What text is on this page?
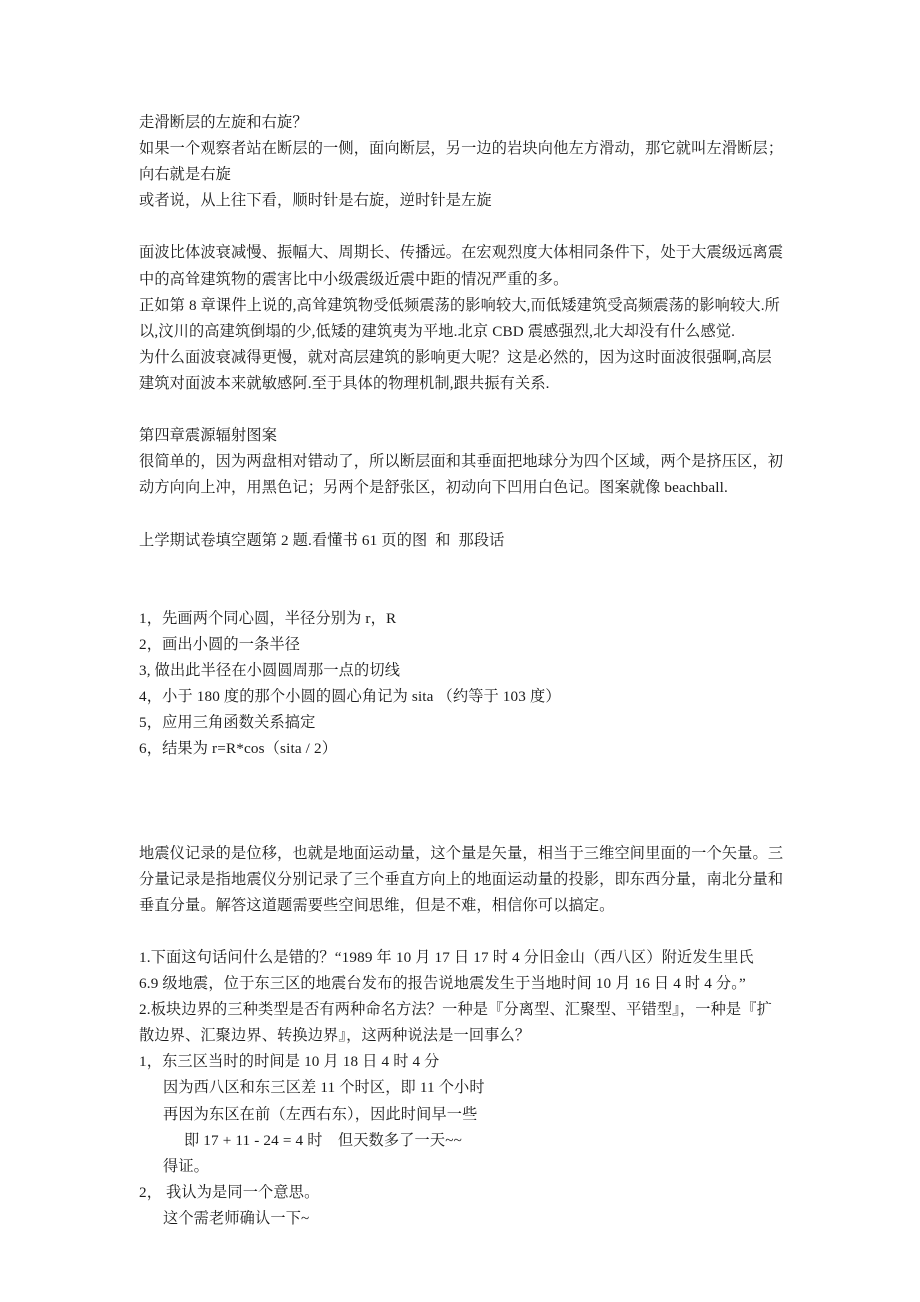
走滑断层的左旋和右旋？
如果一个观察者站在断层的一侧，面向断层，另一边的岩块向他左方滑动，那它就叫左滑断层；向右就是右旋
或者说，从上往下看，顺时针是右旋，逆时针是左旋
面波比体波衰减慢、振幅大、周期长、传播远。在宏观烈度大体相同条件下，处于大震级远离震中的高耸建筑物的震害比中小级震级近震中距的情况严重的多。
正如第 8 章课件上说的,高耸建筑物受低频震荡的影响较大,而低矮建筑受高频震荡的影响较大.所以,汶川的高建筑倒塌的少,低矮的建筑夷为平地.北京 CBD 震感强烈,北大却没有什么感觉.
为什么面波衰减得更慢，就对高层建筑的影响更大呢？这是必然的，因为这时面波很强啊,高层建筑对面波本来就敏感阿.至于具体的物理机制,跟共振有关系.
第四章震源辐射图案
很简单的，因为两盘相对错动了，所以断层面和其垂面把地球分为四个区域，两个是挤压区，初动方向向上冲，用黑色记；另两个是舒张区，初动向下凹用白色记。图案就像 beachball.
上学期试卷填空题第 2 题.看懂书 61 页的图  和  那段话
1，先画两个同心圆，半径分别为 r，R
2，画出小圆的一条半径
3, 做出此半径在小圆圆周那一点的切线
4，小于 180 度的那个小圆的圆心角记为 sita （约等于 103 度）
5，应用三角函数关系搞定
6，结果为 r=R*cos（sita / 2）
地震仪记录的是位移，也就是地面运动量，这个量是矢量，相当于三维空间里面的一个矢量。三分量记录是指地震仪分别记录了三个垂直方向上的地面运动量的投影，即东西分量，南北分量和垂直分量。解答这道题需要些空间思维，但是不难，相信你可以搞定。
1.下面这句话问什么是错的？“1989 年 10 月 17 日 17 时 4 分旧金山（西八区）附近发生里氏
6.9 级地震，位于东三区的地震台发布的报告说地震发生于当地时间 10 月 16 日 4 时 4 分。”
2.板块边界的三种类型是否有两种命名方法？一种是『分离型、汇聚型、平错型』，一种是『扩散边界、汇聚边界、转换边界』，这两种说法是一回事么？
1，东三区当时的时间是 10 月 18 日 4 时 4 分
因为西八区和东三区差 11 个时区，即 11 个小时
再因为东区在前（左西右东），因此时间早一些
即 17 + 11 - 24 = 4 时　但天数多了一天~~
得证。
2， 我认为是同一个意思。
这个需老师确认一下~
